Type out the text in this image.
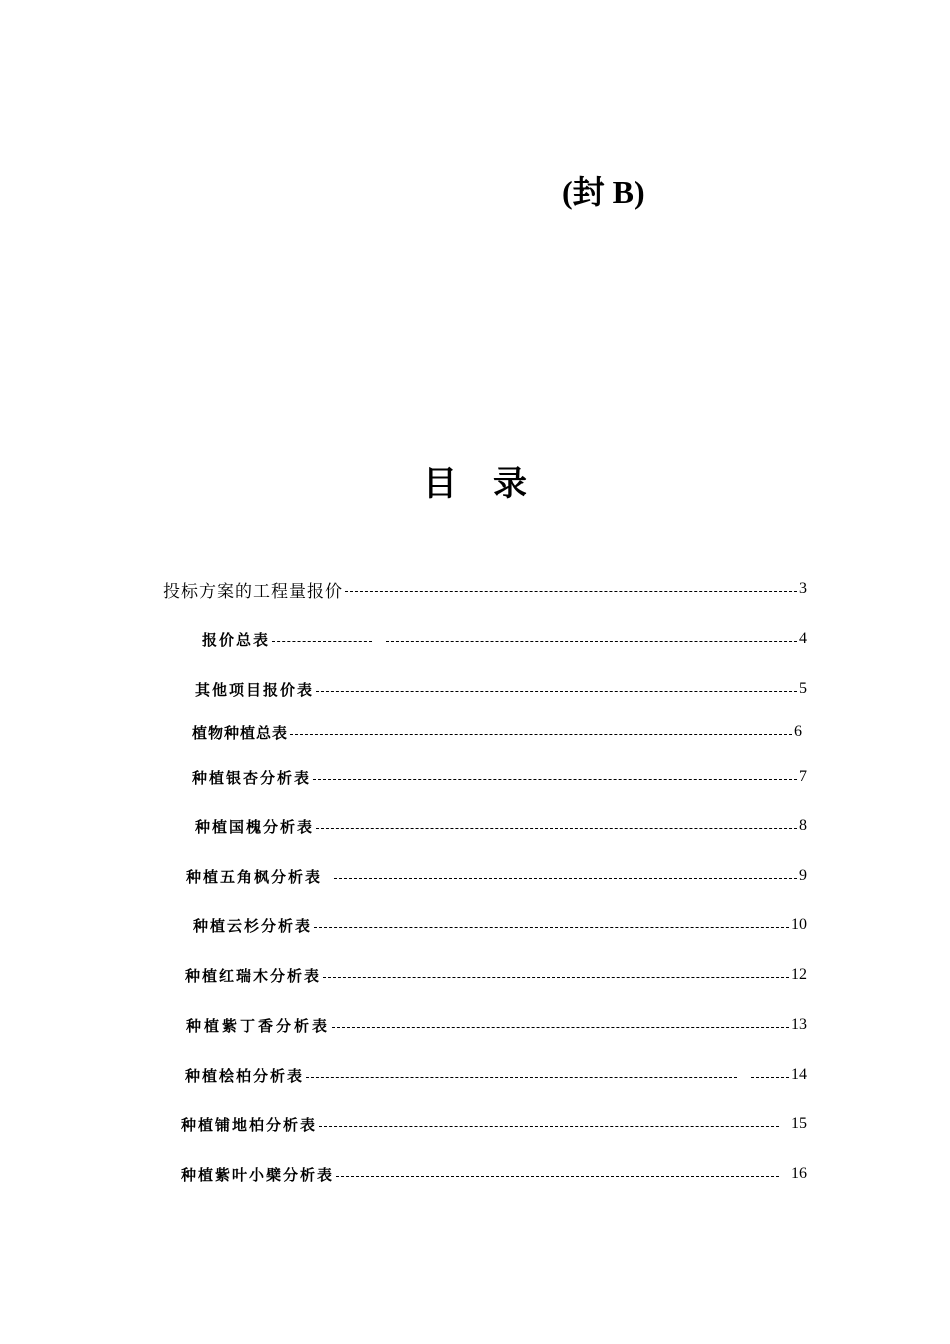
(封 B)
目录
投标方案的工程量报价	3
报价总表	4
其他项目报价表	5
植物种植总表	6
种植银杏分析表	7
种植国槐分析表	8
种植五角枫分析表	9
种植云杉分析表	10
种植红瑞木分析表	12
种植紫丁香分析表	13
种植桧柏分析表	14
种植铺地柏分析表	15
种植紫叶小檗分析表	16
